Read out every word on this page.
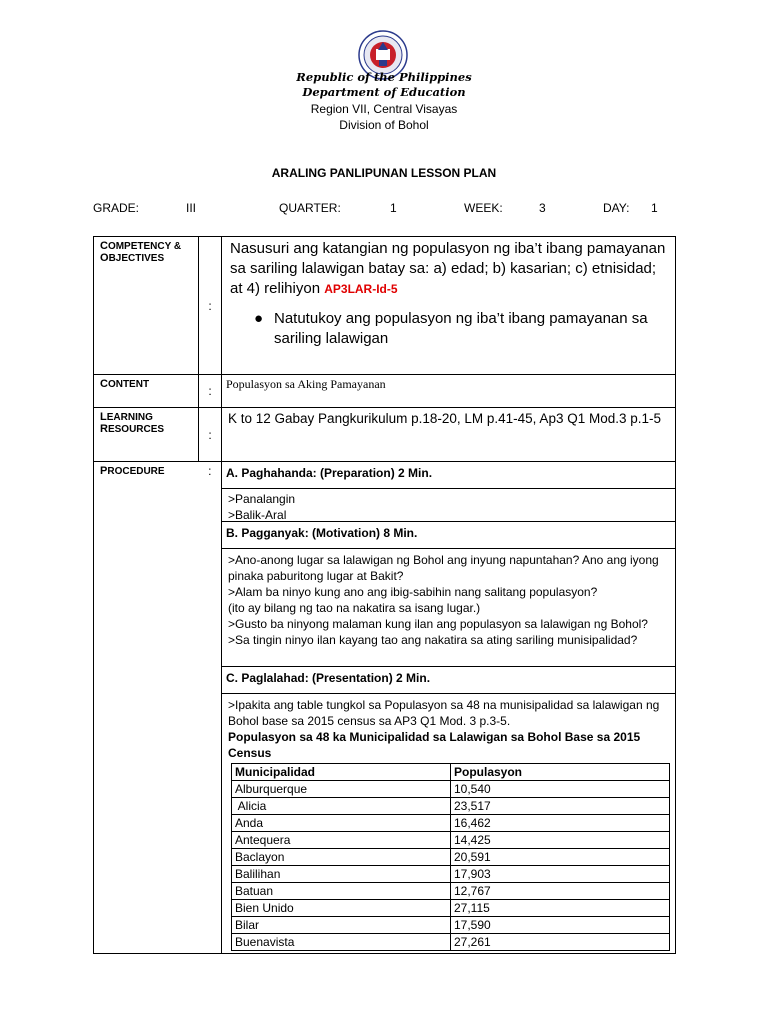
Republic of the Philippines
Department of Education
Region VII, Central Visayas
Division of Bohol
ARALING PANLIPUNAN LESSON PLAN
GRADE:	III	QUARTER:	1	WEEK:	3	DAY: 1
COMPETENCY &
OBJECTIVES	:	
Nasusuri ang katangian ng populasyon ng iba’t ibang pamayanan sa sariling lalawigan batay sa: a) edad; b) kasarian; c) etnisidad; at 4) relihiyon AP3LAR-Id-5
● Natutukoy ang populasyon ng iba’t ibang pamayanan sa sariling lalawigan

CONTENT	:	Populasyon sa Aking Pamayanan
LEARNING
RESOURCES	:	K to 12 Gabay Pangkurikulum p.18-20, LM p.41-45, Ap3 Q1 Mod.3 p.1-5
PROCEDURE	:	A. Paghahanda: (Preparation) 2 Min.
>Panalangin
>Balik-Aral
B. Pagganyak: (Motivation) 8 Min.
>Ano-anong lugar sa lalawigan ng Bohol ang inyung napuntahan? Ano ang iyong pinaka paburitong lugar at Bakit?
>Alam ba ninyo kung ano ang ibig-sabihin nang salitang populasyon?
(ito ay bilang ng tao na nakatira sa isang lugar.)
>Gusto ba ninyong malaman kung ilan ang populasyon sa lalawigan ng Bohol?
>Sa tingin ninyo ilan kayang tao ang nakatira sa ating sariling munisipalidad?
C. Paglalahad: (Presentation) 2 Min.
>Ipakita ang table tungkol sa Populasyon sa 48 na munisipalidad sa lalawigan ng Bohol base sa 2015 census sa AP3 Q1 Mod. 3 p.3-5.
Populasyon sa 48 ka Municipalidad sa Lalawigan sa Bohol Base sa 2015 Census
Municipalidad	Populasyon
Alburquerque	10,540
Alicia	23,517
Anda	16,462
Antequera	14,425
Baclayon	20,591
Balilihan	17,903
Batuan	12,767
Bien Unido	27,115
Bilar	17,590
Buenavista	27,261
